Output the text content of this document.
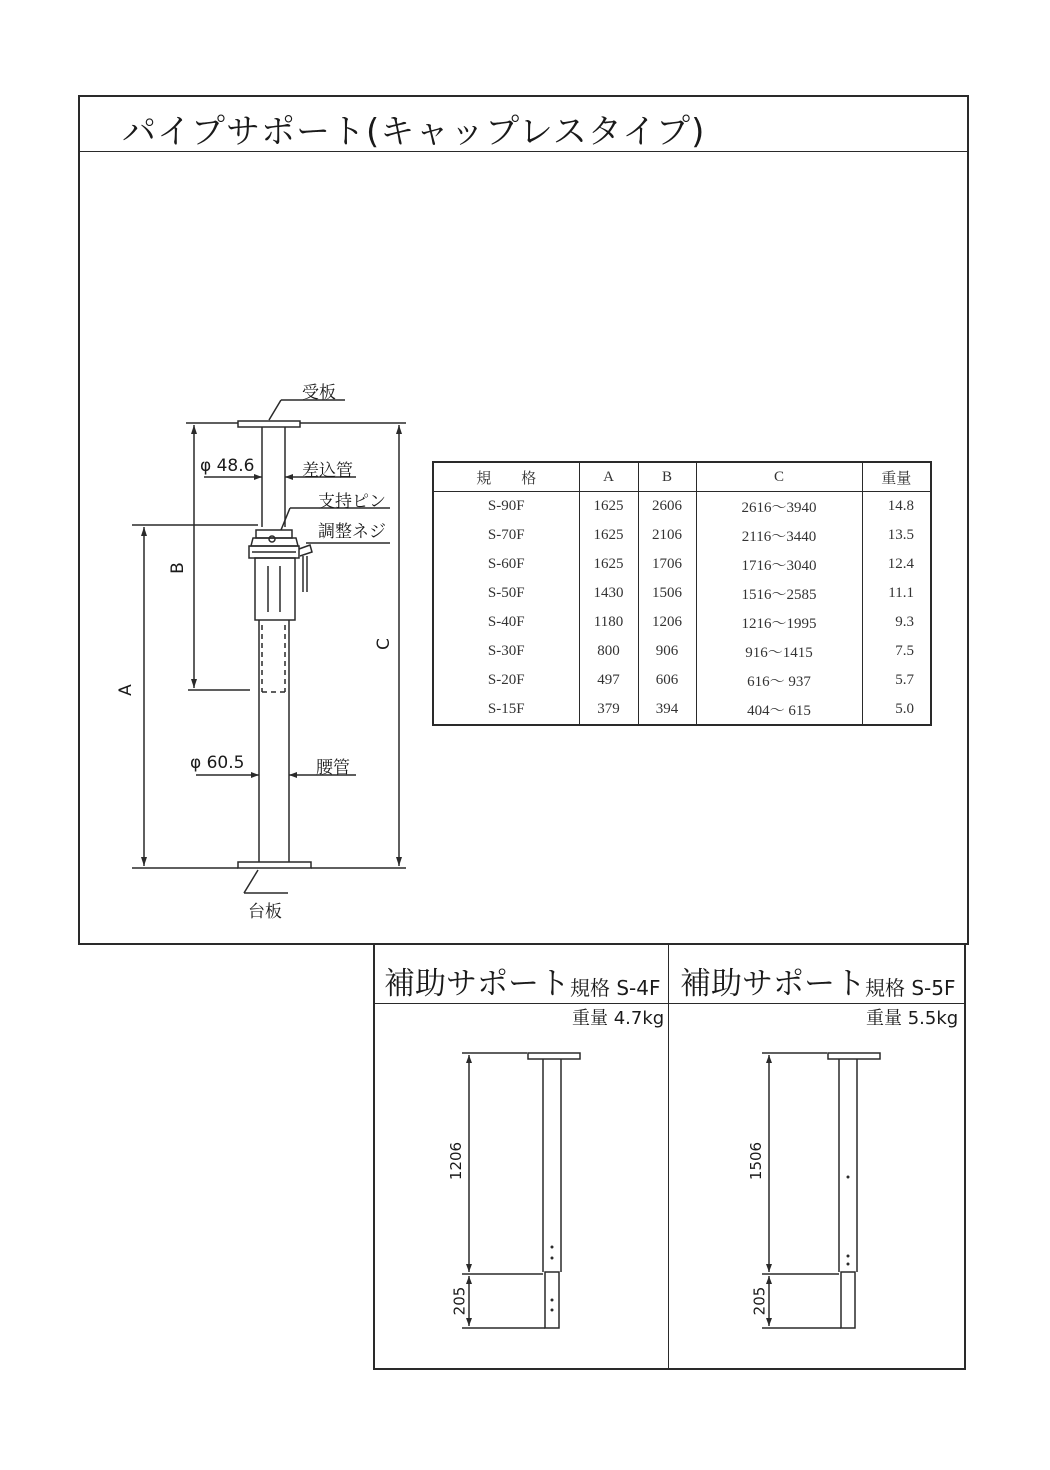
パイプサポート(キャップレスタイプ)
受板
φ 48.6	差込管
支持ピン
調整ネジ
φ 60.5	腰管
台板
A
B
C
規　　格	A	B	C	重量
S-90F	1625	2606	2616～3940	14.8
S-70F	1625	2106	2116～3440	13.5
S-60F	1625	1706	1716～3040	12.4
S-50F	1430	1506	1516～2585	11.1
S-40F	1180	1206	1216～1995	9.3
S-30F	800	906	916～1415	7.5
S-20F	497	606	616～ 937	5.7
S-15F	379	394	404～ 615	5.0
補助サポート 規格 S-4F
重量 4.7kg
1206
205
補助サポート 規格 S-5F
重量 5.5kg
1506
205
